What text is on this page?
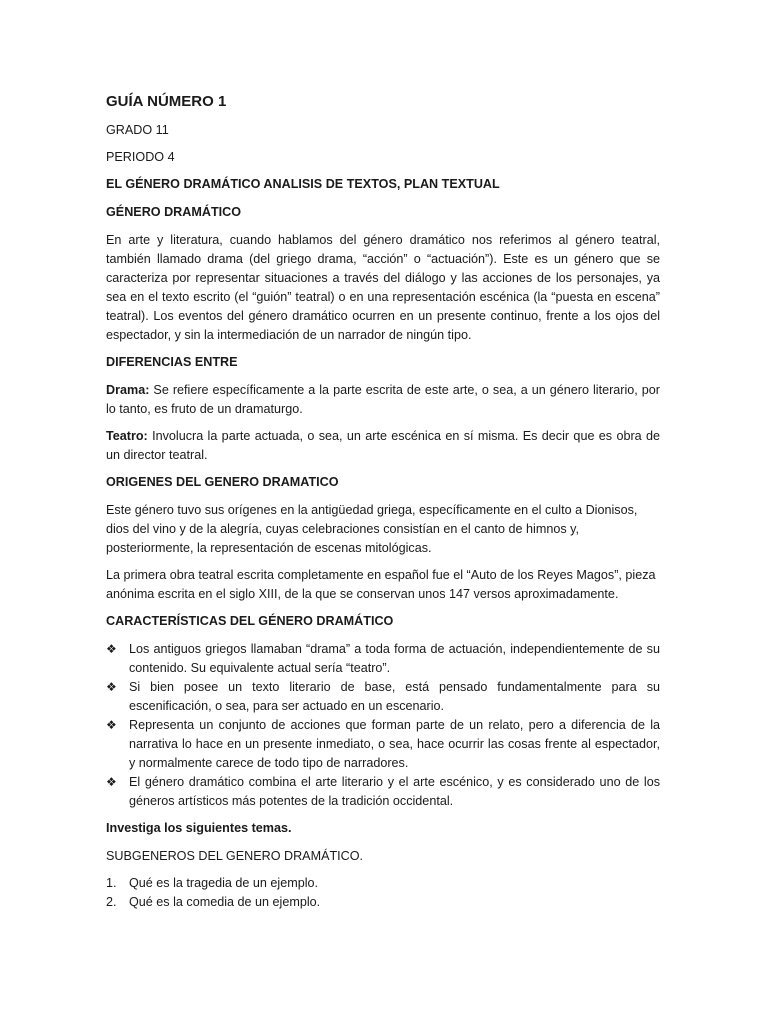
GUÍA NÚMERO 1

GRADO 11

PERIODO 4

EL GÉNERO DRAMÁTICO ANALISIS DE TEXTOS, PLAN TEXTUAL

GÉNERO DRAMÁTICO

En arte y literatura, cuando hablamos del género dramático nos referimos al género teatral, también llamado drama (del griego drama, “acción” o “actuación”). Este es un género que se caracteriza por representar situaciones a través del diálogo y las acciones de los personajes, ya sea en el texto escrito (el “guión” teatral) o en una representación escénica (la “puesta en escena” teatral). Los eventos del género dramático ocurren en un presente continuo, frente a los ojos del espectador, y sin la intermediación de un narrador de ningún tipo.

DIFERENCIAS ENTRE

Drama: Se refiere específicamente a la parte escrita de este arte, o sea, a un género literario, por lo tanto, es fruto de un dramaturgo.

Teatro: Involucra la parte actuada, o sea, un arte escénica en sí misma. Es decir que es obra de un director teatral.

ORIGENES DEL GENERO DRAMATICO

Este género tuvo sus orígenes en la antigüedad griega, específicamente en el culto a Dionisos, dios del vino y de la alegría, cuyas celebraciones consistían en el canto de himnos y, posteriormente, la representación de escenas mitológicas.

La primera obra teatral escrita completamente en español fue el “Auto de los Reyes Magos”, pieza anónima escrita en el siglo XIII, de la que se conservan unos 147 versos aproximadamente.

CARACTERÍSTICAS DEL GÉNERO DRAMÁTICO

❖ Los antiguos griegos llamaban “drama” a toda forma de actuación, independientemente de su contenido. Su equivalente actual sería “teatro”.
❖ Si bien posee un texto literario de base, está pensado fundamentalmente para su escenificación, o sea, para ser actuado en un escenario.
❖ Representa un conjunto de acciones que forman parte de un relato, pero a diferencia de la narrativa lo hace en un presente inmediato, o sea, hace ocurrir las cosas frente al espectador, y normalmente carece de todo tipo de narradores.
❖ El género dramático combina el arte literario y el arte escénico, y es considerado uno de los géneros artísticos más potentes de la tradición occidental.

Investiga los siguientes temas.

SUBGENEROS DEL GENERO DRAMÁTICO.

1. Qué es la tragedia de un ejemplo.
2. Qué es la comedia de un ejemplo.
